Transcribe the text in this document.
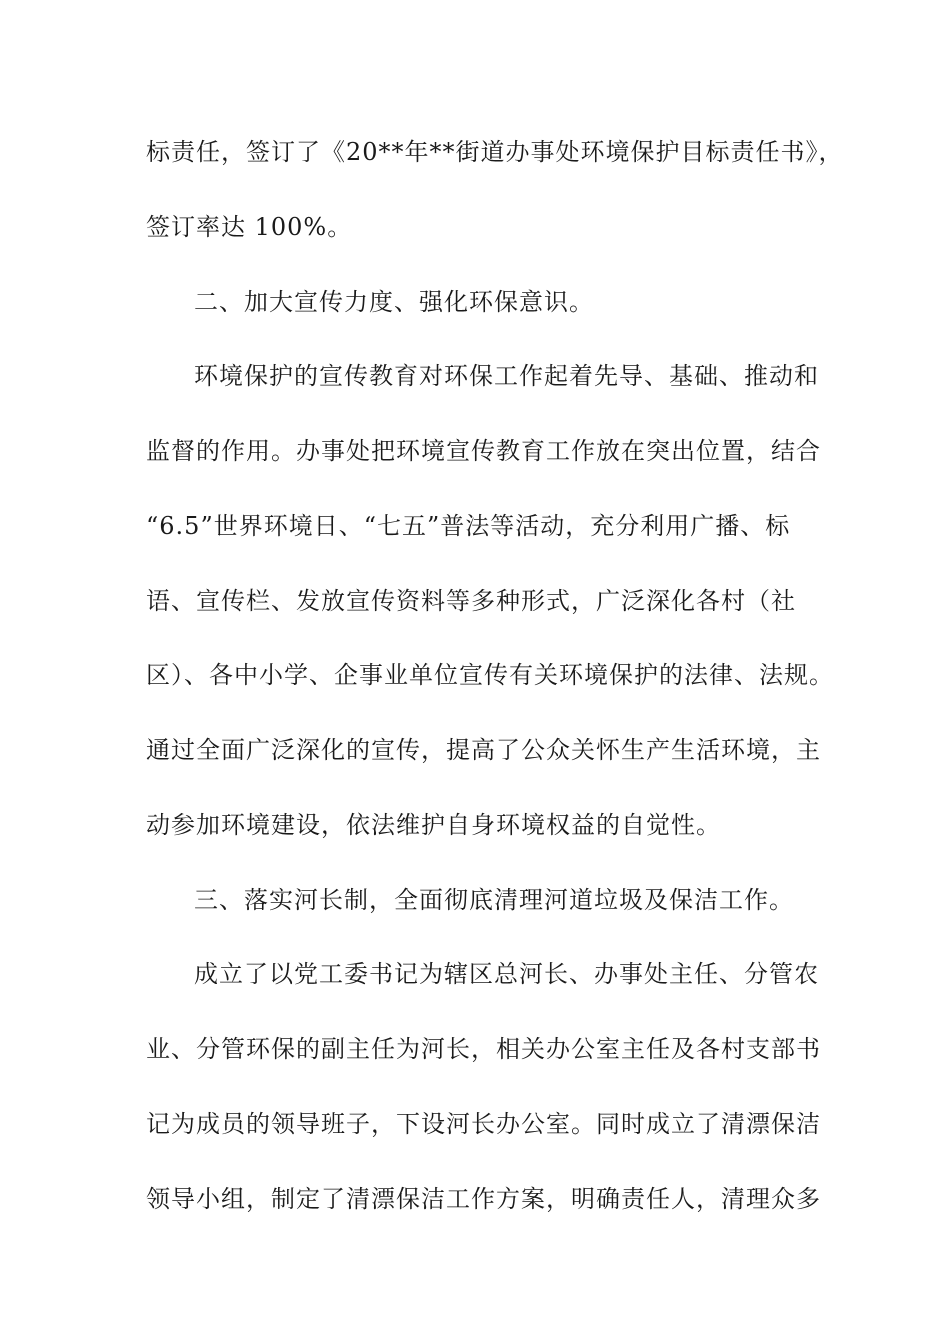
标责任，签订了《20**年**街道办事处环境保护目标责任书》，
签订率达 100%。
二、加大宣传力度、强化环保意识。
环境保护的宣传教育对环保工作起着先导、基础、推动和
监督的作用。办事处把环境宣传教育工作放在突出位置，结合
“6.5”世界环境日、“七五”普法等活动，充分利用广播、标
语、宣传栏、发放宣传资料等多种形式，广泛深化各村（社
区）、各中小学、企事业单位宣传有关环境保护的法律、法规。
通过全面广泛深化的宣传，提高了公众关怀生产生活环境，主
动参加环境建设，依法维护自身环境权益的自觉性。
三、落实河长制，全面彻底清理河道垃圾及保洁工作。
成立了以党工委书记为辖区总河长、办事处主任、分管农
业、分管环保的副主任为河长，相关办公室主任及各村支部书
记为成员的领导班子，下设河长办公室。同时成立了清漂保洁
领导小组，制定了清漂保洁工作方案，明确责任人，清理众多
